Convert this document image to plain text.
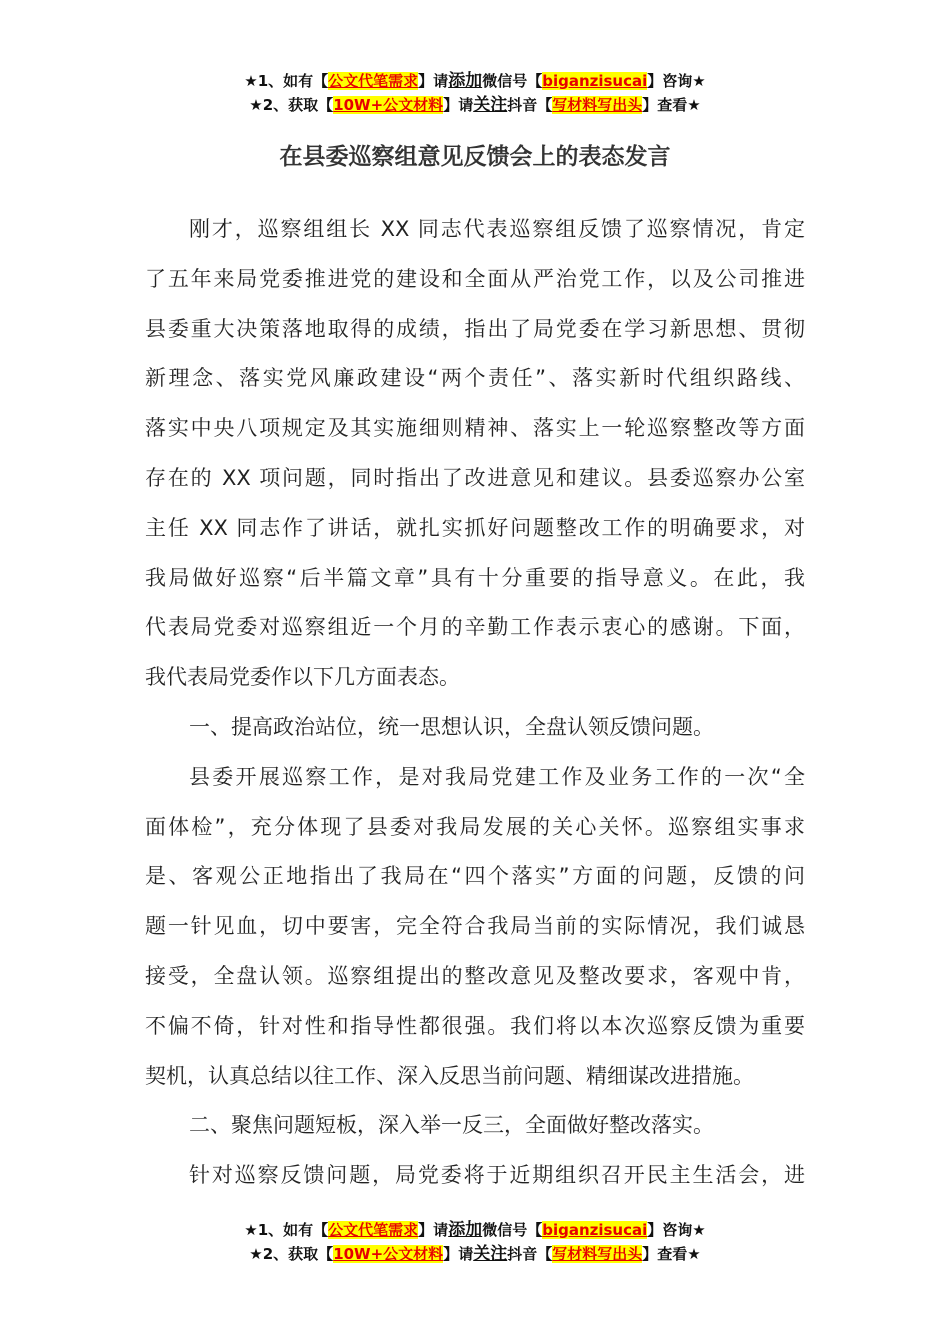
★1、如有【公文代笔需求】请添加微信号【biganzisucai】咨询★
★2、获取【10W+公文材料】请关注抖音【写材料写出头】查看★
在县委巡察组意见反馈会上的表态发言
刚才，巡察组组长 XX 同志代表巡察组反馈了巡察情况，肯定
了五年来局党委推进党的建设和全面从严治党工作，以及公司推进
县委重大决策落地取得的成绩，指出了局党委在学习新思想、贯彻
新理念、落实党风廉政建设“两个责任”、落实新时代组织路线、
落实中央八项规定及其实施细则精神、落实上一轮巡察整改等方面
存在的 XX 项问题，同时指出了改进意见和建议。县委巡察办公室
主任 XX 同志作了讲话，就扎实抓好问题整改工作的明确要求，对
我局做好巡察“后半篇文章”具有十分重要的指导意义。在此，我
代表局党委对巡察组近一个月的辛勤工作表示衷心的感谢。下面，
我代表局党委作以下几方面表态。
一、提高政治站位，统一思想认识，全盘认领反馈问题。
县委开展巡察工作，是对我局党建工作及业务工作的一次“全
面体检”，充分体现了县委对我局发展的关心关怀。巡察组实事求
是、客观公正地指出了我局在“四个落实”方面的问题，反馈的问
题一针见血，切中要害，完全符合我局当前的实际情况，我们诚恳
接受，全盘认领。巡察组提出的整改意见及整改要求，客观中肯，
不偏不倚，针对性和指导性都很强。我们将以本次巡察反馈为重要
契机，认真总结以往工作、深入反思当前问题、精细谋改进措施。
二、聚焦问题短板，深入举一反三，全面做好整改落实。
针对巡察反馈问题，局党委将于近期组织召开民主生活会，进
★1、如有【公文代笔需求】请添加微信号【biganzisucai】咨询★
★2、获取【10W+公文材料】请关注抖音【写材料写出头】查看★
